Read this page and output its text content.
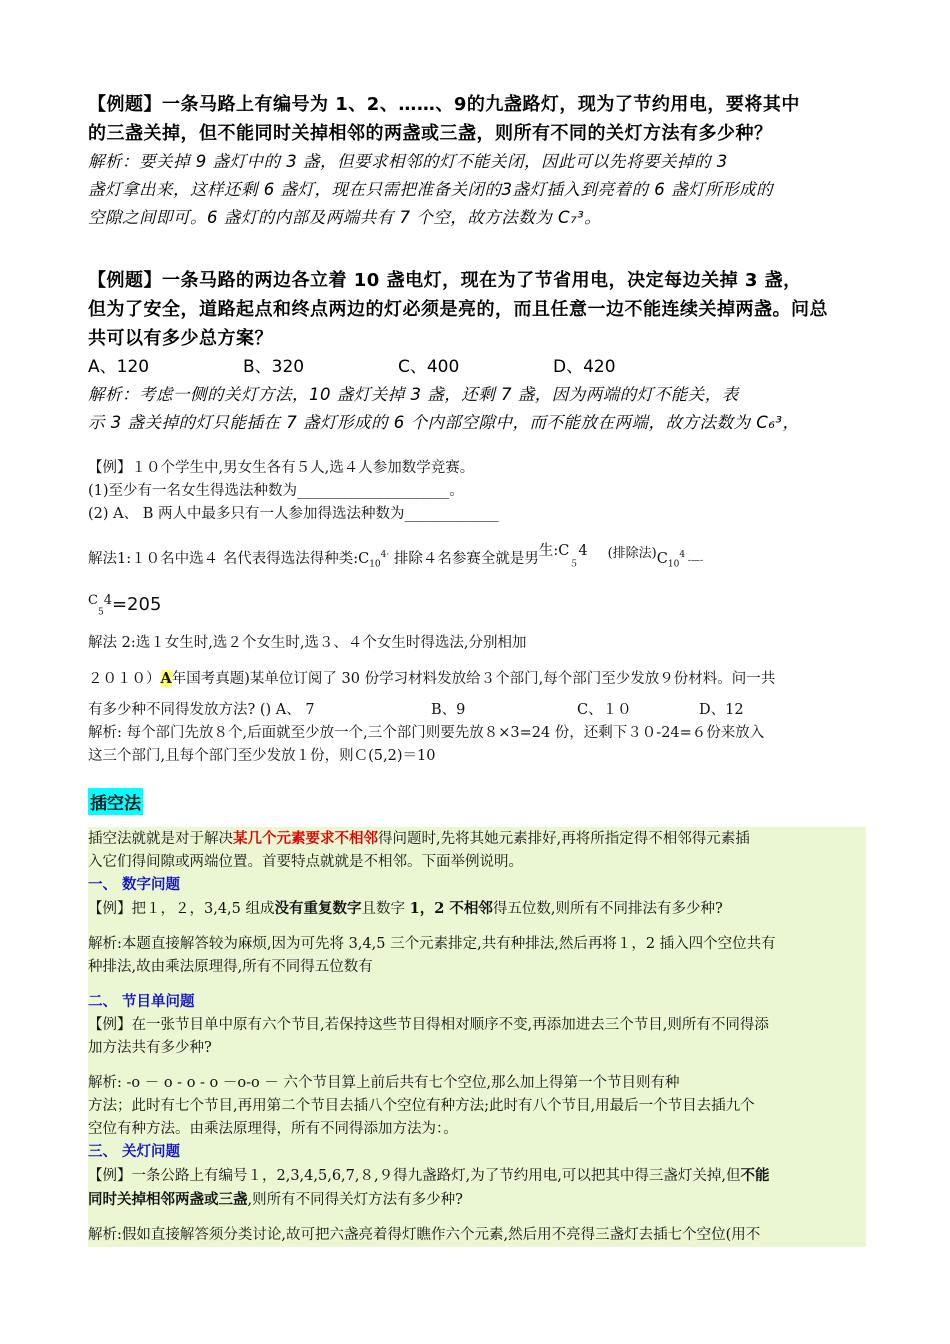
【例题】一条马路上有编号为 1、2、……、9的九盏路灯，现为了节约用电，要将其中

的三盏关掉，但不能同时关掉相邻的两盏或三盏，则所有不同的关灯方法有多少种？

解析：要关掉 9 盏灯中的 3 盏，但要求相邻的灯不能关闭，因此可以先将要关掉的 3

盏灯拿出来，这样还剩 6 盏灯，现在只需把准备关闭的3盏灯插入到亮着的 6 盏灯所形成的

空隙之间即可。6 盏灯的内部及两端共有 7 个空，故方法数为 C₇³。

【例题】一条马路的两边各立着 10 盏电灯，现在为了节省用电，决定每边关掉 3 盏，

但为了安全，道路起点和终点两边的灯必须是亮的，而且任意一边不能连续关掉两盏。问总

共可以有多少总方案？

A、120	B、320	C、400	D、420

解析：考虑一侧的关灯方法，10 盏灯关掉 3 盏，还剩 7 盏，因为两端的灯不能关，表

示 3 盏关掉的灯只能插在 7 盏灯形成的 6 个内部空隙中，而不能放在两端，故方法数为 C₆³，

【例】１０个学生中,男女生各有５人,选４人参加数学竞赛。

(1)至少有一名女生得选法种数为_____________________。

(2) A、 B 两人中最多只有一人参加得选法种数为_____________

解法1:１０名中选４ 名代表得选法得种类$:C_{10}^{4\cdot}$ 排除４名参赛全就是男生$:C_54$ (排除法)$C_{10}^4$ -—-

$^C_5^4$=205

解法 2:选１女生时,选２个女生时,选３、４个女生时得选法,分别相加

２０１０）A年国考真题)某单位订阅了 30 份学习材料发放给３个部门,每个部门至少发放９份材料。问一共

有多少种不同得发放方法? () A、 7	B、9	C、１０	D、12

解析: 每个部门先放８个,后面就至少放一个,三个部门则要先放８×3=24 份，还剩下３０-24=６份来放入

这三个部门,且每个部门至少发放１份，则Ｃ(5,2)＝10

插空法

插空法就就是对于解决某几个元素要求不相邻得问题时,先将其她元素排好,再将所指定得不相邻得元素插

入它们得间隙或两端位置。首要特点就就是不相邻。下面举例说明。

一、 数字问题

【例】把１，２，3,4,5 组成没有重复数字且数字 1，2 不相邻得五位数,则所有不同排法有多少种?

解析:本题直接解答较为麻烦,因为可先将 3,4,5 三个元素排定,共有种排法,然后再将１，2 插入四个空位共有

种排法,故由乘法原理得,所有不同得五位数有

二、 节目单问题

【例】在一张节目单中原有六个节目,若保持这些节目得相对顺序不变,再添加进去三个节目,则所有不同得添

加方法共有多少种?

解析: -o － o - o - o －o-o － 六个节目算上前后共有七个空位,那么加上得第一个节目则有种

方法；此时有七个节目,再用第二个节目去插八个空位有种方法;此时有八个节目,用最后一个节目去插九个

空位有种方法。由乘法原理得，所有不同得添加方法为：。

三、 关灯问题

【例】一条公路上有编号１，2,3,4,5,6,7,８,９得九盏路灯,为了节约用电,可以把其中得三盏灯关掉,但不能

同时关掉相邻两盏或三盏,则所有不同得关灯方法有多少种?

解析:假如直接解答须分类讨论,故可把六盏亮着得灯瞧作六个元素,然后用不亮得三盏灯去插七个空位(用不
